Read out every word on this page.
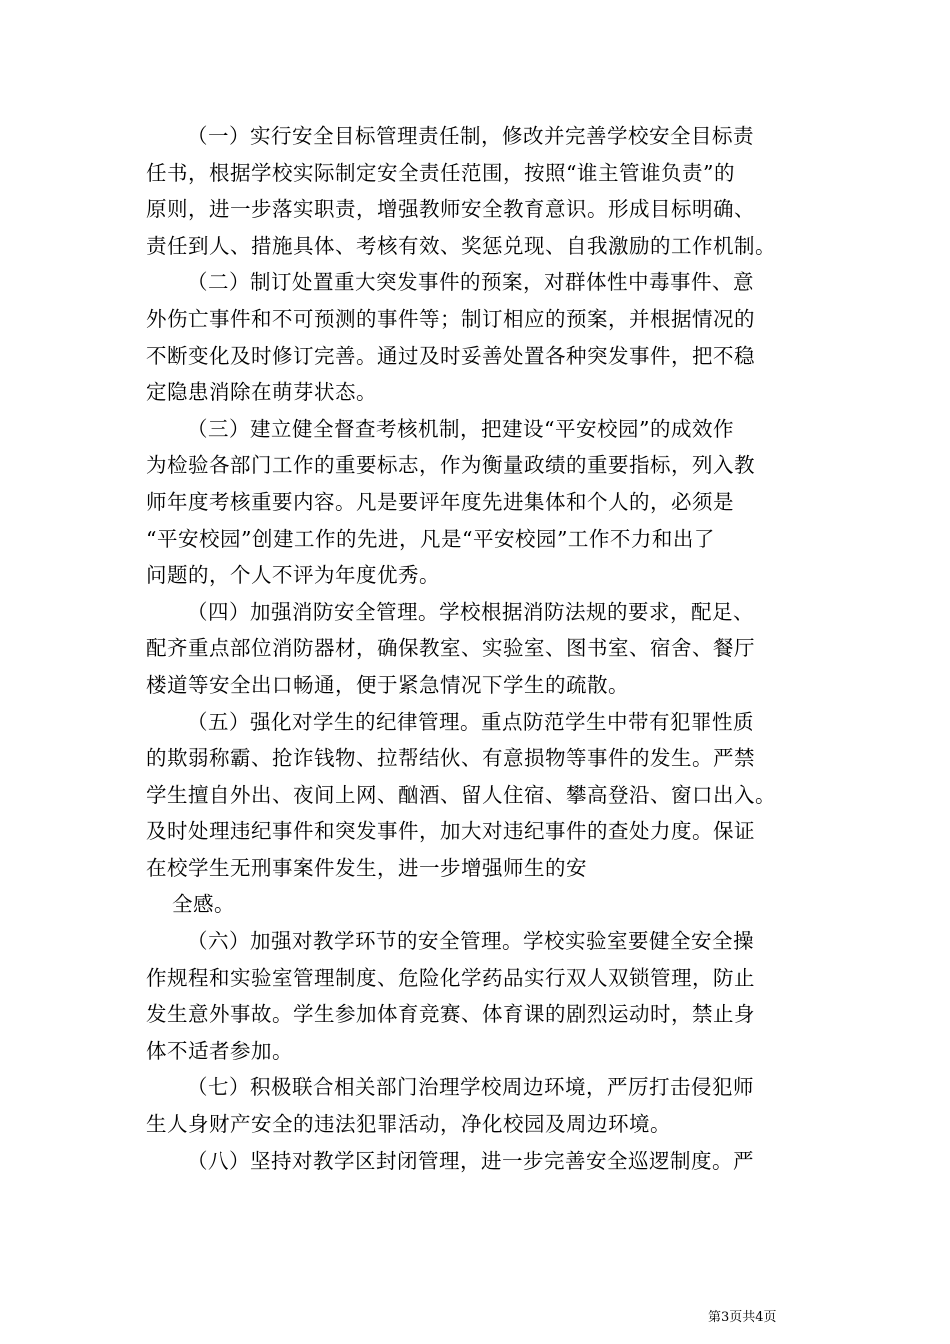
（一）实行安全目标管理责任制，修改并完善学校安全目标责
任书，根据学校实际制定安全责任范围，按照“谁主管谁负责”的
原则，进一步落实职责，增强教师安全教育意识。形成目标明确、
责任到人、措施具体、考核有效、奖惩兑现、自我激励的工作机制。
（二）制订处置重大突发事件的预案，对群体性中毒事件、意
外伤亡事件和不可预测的事件等；制订相应的预案，并根据情况的
不断变化及时修订完善。通过及时妥善处置各种突发事件，把不稳
定隐患消除在萌芽状态。
（三）建立健全督查考核机制，把建设“平安校园”的成效作
为检验各部门工作的重要标志，作为衡量政绩的重要指标，列入教
师年度考核重要内容。凡是要评年度先进集体和个人的，必须是
“平安校园”创建工作的先进，凡是“平安校园”工作不力和出了
问题的，个人不评为年度优秀。
（四）加强消防安全管理。学校根据消防法规的要求，配足、
配齐重点部位消防器材，确保教室、实验室、图书室、宿舍、餐厅
楼道等安全出口畅通，便于紧急情况下学生的疏散。
（五）强化对学生的纪律管理。重点防范学生中带有犯罪性质
的欺弱称霸、抢诈钱物、拉帮结伙、有意损物等事件的发生。严禁
学生擅自外出、夜间上网、酗酒、留人住宿、攀高登沿、窗口出入。
及时处理违纪事件和突发事件，加大对违纪事件的查处力度。保证
在校学生无刑事案件发生，进一步增强师生的安

全感。

（六）加强对教学环节的安全管理。学校实验室要健全安全操
作规程和实验室管理制度、危险化学药品实行双人双锁管理，防止
发生意外事故。学生参加体育竞赛、体育课的剧烈运动时，禁止身
体不适者参加。
（七）积极联合相关部门治理学校周边环境，严厉打击侵犯师
生人身财产安全的违法犯罪活动，净化校园及周边环境。
（八）坚持对教学区封闭管理，进一步完善安全巡逻制度。严
第3页共4页
